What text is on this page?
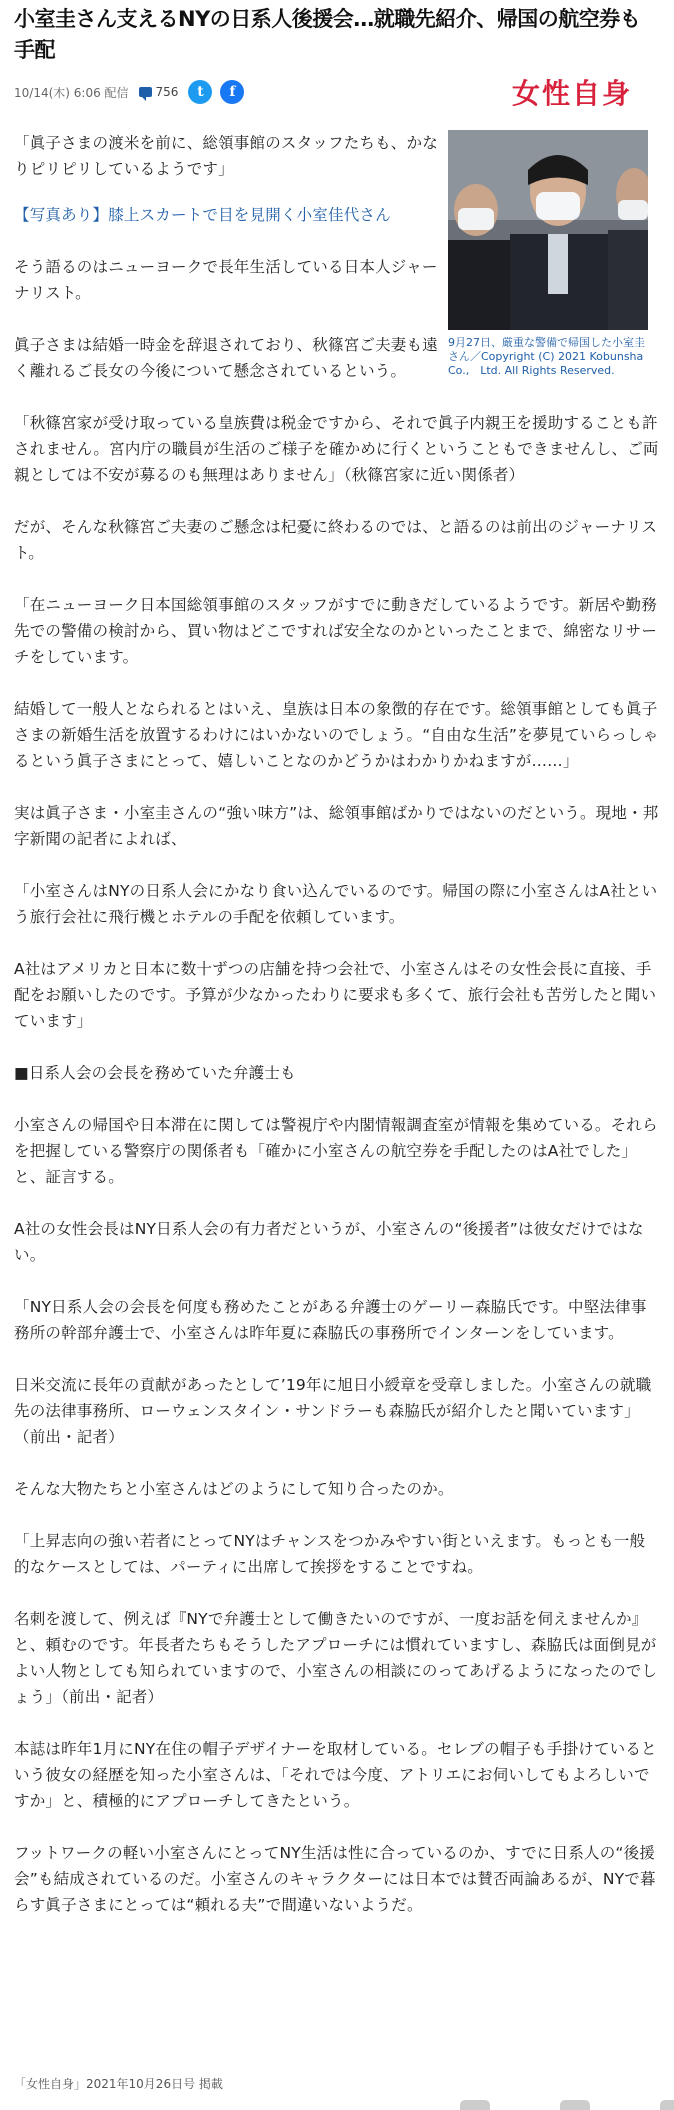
小室圭さん支えるNYの日系人後援会…就職先紹介、帰国の航空券も手配
10/14(木) 6:06 配信 756	t	f	女性自身
9月27日、厳重な警備で帰国した小室圭さん／Copyright (C) 2021 Kobunsha Co.,　Ltd. All Rights Reserved.

「眞子さまの渡米を前に、総領事館のスタッフたちも、かなりピリピリしているようです」

【写真あり】膝上スカートで目を見開く小室佳代さん

そう語るのはニューヨークで長年生活している日本人ジャーナリスト。

眞子さまは結婚一時金を辞退されており、秋篠宮ご夫妻も遠く離れるご長女の今後について懸念されているという。

「秋篠宮家が受け取っている皇族費は税金ですから、それで眞子内親王を援助することも許されません。宮内庁の職員が生活のご様子を確かめに行くということもできませんし、ご両親としては不安が募るのも無理はありません」（秋篠宮家に近い関係者）

だが、そんな秋篠宮ご夫妻のご懸念は杞憂に終わるのでは、と語るのは前出のジャーナリスト。

「在ニューヨーク日本国総領事館のスタッフがすでに動きだしているようです。新居や勤務先での警備の検討から、買い物はどこですれば安全なのかといったことまで、綿密なリサーチをしています。

結婚して一般人となられるとはいえ、皇族は日本の象徴的存在です。総領事館としても眞子さまの新婚生活を放置するわけにはいかないのでしょう。“自由な生活”を夢見ていらっしゃるという眞子さまにとって、嬉しいことなのかどうかはわかりかねますが……」

実は眞子さま・小室圭さんの“強い味方”は、総領事館ばかりではないのだという。現地・邦字新聞の記者によれば、

「小室さんはNYの日系人会にかなり食い込んでいるのです。帰国の際に小室さんはA社という旅行会社に飛行機とホテルの手配を依頼しています。

A社はアメリカと日本に数十ずつの店舗を持つ会社で、小室さんはその女性会長に直接、手配をお願いしたのです。予算が少なかったわりに要求も多くて、旅行会社も苦労したと聞いています」

■日系人会の会長を務めていた弁護士も

小室さんの帰国や日本滞在に関しては警視庁や内閣情報調査室が情報を集めている。それらを把握している警察庁の関係者も「確かに小室さんの航空券を手配したのはA社でした」と、証言する。

A社の女性会長はNY日系人会の有力者だというが、小室さんの“後援者”は彼女だけではない。

「NY日系人会の会長を何度も務めたことがある弁護士のゲーリー森脇氏です。中堅法律事務所の幹部弁護士で、小室さんは昨年夏に森脇氏の事務所でインターンをしています。

日米交流に長年の貢献があったとして’19年に旭日小綬章を受章しました。小室さんの就職先の法律事務所、ローウェンスタイン・サンドラーも森脇氏が紹介したと聞いています」（前出・記者）

そんな大物たちと小室さんはどのようにして知り合ったのか。

「上昇志向の強い若者にとってNYはチャンスをつかみやすい街といえます。もっとも一般的なケースとしては、パーティに出席して挨拶をすることですね。

名刺を渡して、例えば『NYで弁護士として働きたいのですが、一度お話を伺えませんか』と、頼むのです。年長者たちもそうしたアプローチには慣れていますし、森脇氏は面倒見がよい人物としても知られていますので、小室さんの相談にのってあげるようになったのでしょう」（前出・記者）

本誌は昨年1月にNY在住の帽子デザイナーを取材している。セレブの帽子も手掛けているという彼女の経歴を知った小室さんは、「それでは今度、アトリエにお伺いしてもよろしいですか」と、積極的にアプローチしてきたという。

フットワークの軽い小室さんにとってNY生活は性に合っているのか、すでに日系人の“後援会”も結成されているのだ。小室さんのキャラクターには日本では賛否両論あるが、NYで暮らす眞子さまにとっては“頼れる夫”で間違いないようだ。

「女性自身」2021年10月26日号 掲載
